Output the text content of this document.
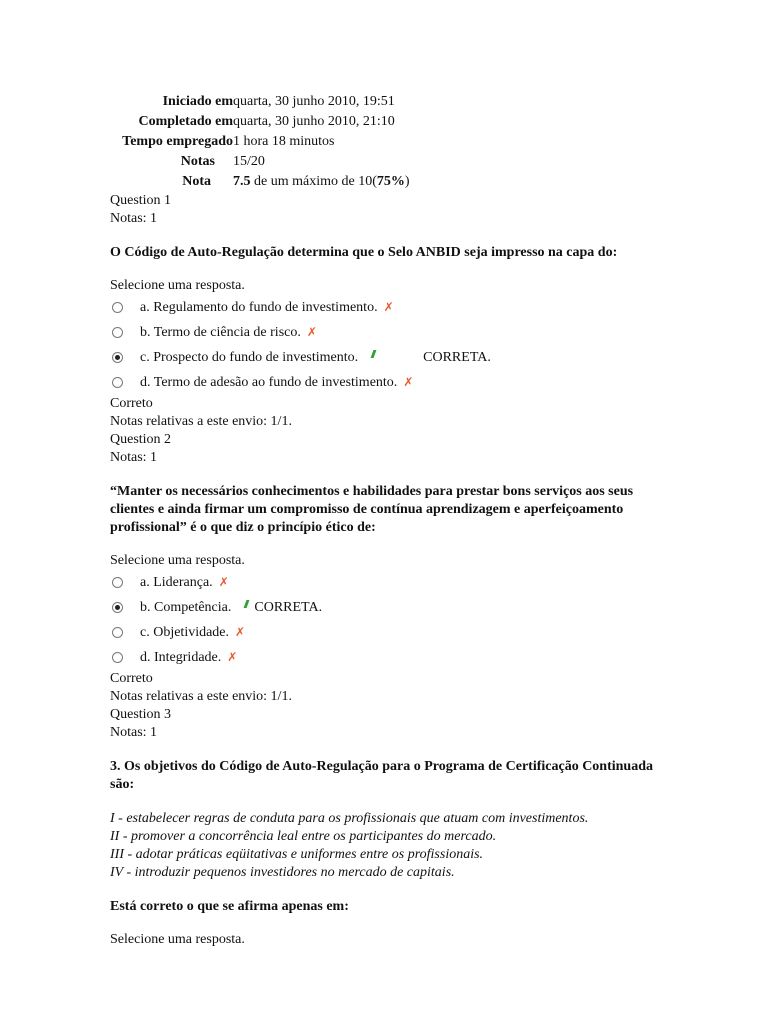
Iniciado em	quarta, 30 junho 2010, 19:51
Completado em	quarta, 30 junho 2010, 21:10
Tempo empregado	1 hora 18 minutos
Notas	15/20
Nota	7.5 de um máximo de 10(75%)
Question 1
Notas: 1
O Código de Auto-Regulação determina que o Selo ANBID seja impresso na capa do:
Selecione uma resposta.
a. Regulamento do fundo de investimento. ✗
b. Termo de ciência de risco. ✗
c. Prospecto do fundo de investimento.	CORRETA.
d. Termo de adesão ao fundo de investimento. ✗
Correto
Notas relativas a este envio: 1/1.
Question 2
Notas: 1
“Manter os necessários conhecimentos e habilidades para prestar bons serviços aos seus clientes e ainda firmar um compromisso de contínua aprendizagem e aperfeiçoamento profissional” é o que diz o princípio ético de:
Selecione uma resposta.
a. Liderança. ✗
b. Competência. CORRETA.
c. Objetividade. ✗
d. Integridade. ✗
Correto
Notas relativas a este envio: 1/1.
Question 3
Notas: 1
3. Os objetivos do Código de Auto-Regulação para o Programa de Certificação Continuada são:
I - estabelecer regras de conduta para os profissionais que atuam com investimentos.
II - promover a concorrência leal entre os participantes do mercado.
III - adotar práticas eqüitativas e uniformes entre os profissionais.
IV - introduzir pequenos investidores no mercado de capitais.
Está correto o que se afirma apenas em:
Selecione uma resposta.
